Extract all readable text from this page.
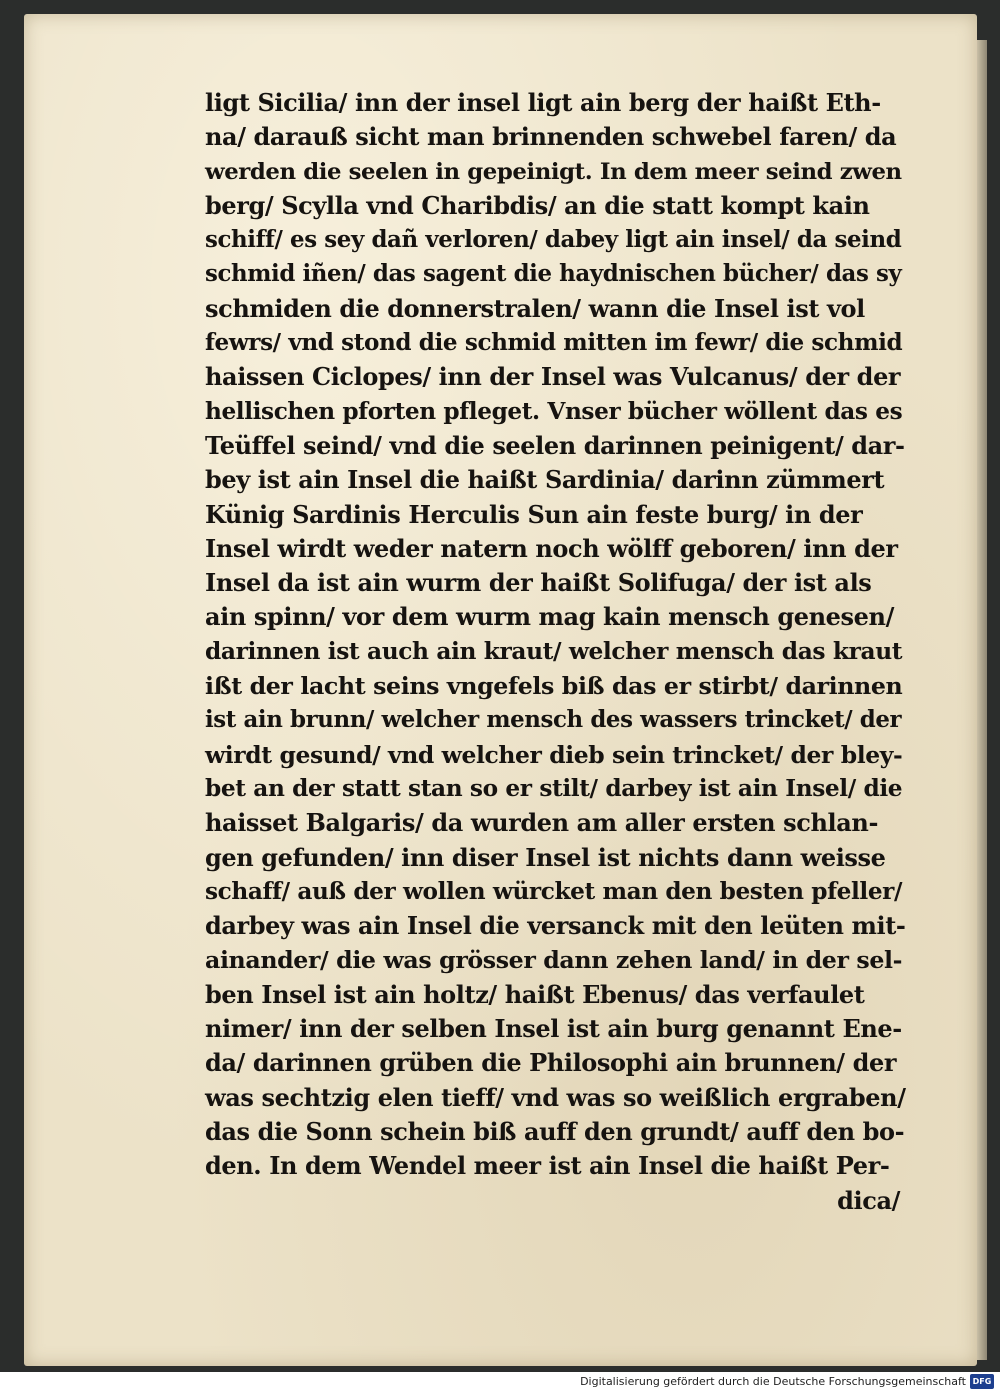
ligt Sicilia/ inn der insel ligt ain berg der haißt Eth-
na/ darauß sicht man brinnenden schwebel faren/ da
werden die seelen in gepeinigt. In dem meer seind zwen
berg/ Scylla vnd Charibdis/ an die statt kompt kain
schiff/ es sey dañ verloren/ dabey ligt ain insel/ da seind
schmid iñen/ das sagent die haydnischen bücher/ das sy
schmiden die donnerstralen/ wann die Insel ist vol
fewrs/ vnd stond die schmid mitten im fewr/ die schmid
haissen Ciclopes/ inn der Insel was Vulcanus/ der der
hellischen pforten pfleget. Vnser bücher wöllent das es
Teüffel seind/ vnd die seelen darinnen peinigent/ dar-
bey ist ain Insel die haißt Sardinia/ darinn zümmert
Künig Sardinis Herculis Sun ain feste burg/ in der
Insel wirdt weder natern noch wölff geboren/ inn der
Insel da ist ain wurm der haißt Solifuga/ der ist als
ain spinn/ vor dem wurm mag kain mensch genesen/
darinnen ist auch ain kraut/ welcher mensch das kraut
ißt der lacht seins vngefels biß das er stirbt/ darinnen
ist ain brunn/ welcher mensch des wassers trincket/ der
wirdt gesund/ vnd welcher dieb sein trincket/ der bley-
bet an der statt stan so er stilt/ darbey ist ain Insel/ die
haisset Balgaris/ da wurden am aller ersten schlan-
gen gefunden/ inn diser Insel ist nichts dann weisse
schaff/ auß der wollen würcket man den besten pfeller/
darbey was ain Insel die versanck mit den leüten mit-
ainander/ die was grösser dann zehen land/ in der sel-
ben Insel ist ain holtz/ haißt Ebenus/ das verfaulet
nimer/ inn der selben Insel ist ain burg genannt Ene-
da/ darinnen grüben die Philosophi ain brunnen/ der
was sechtzig elen tieff/ vnd was so weißlich ergraben/
das die Sonn schein biß auff den grundt/ auff den bo-
den. In dem Wendel meer ist ain Insel die haißt Per-
dica/
Digitalisierung gefördert durch die Deutsche Forschungsgemeinschaft DFG
